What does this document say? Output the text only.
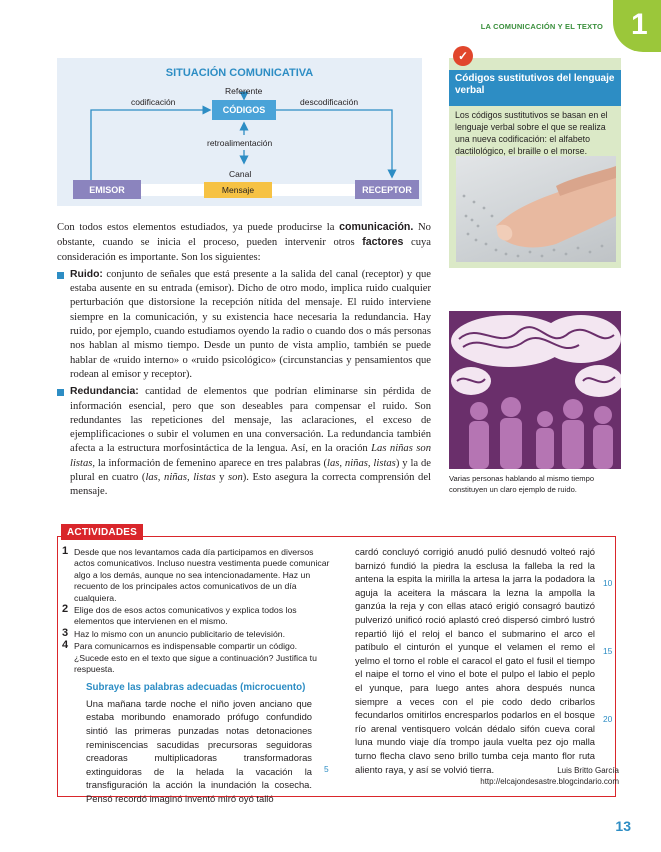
LA COMUNICACIÓN Y EL TEXTO 1
SITUACIÓN COMUNICATIVA
Referente
codificación
CÓDIGOS
descodificación
retroalimentación
Canal
EMISOR	Mensaje	RECEPTOR

Con todos estos elementos estudiados, ya puede producirse la comunicación. No obstante, cuando se inicia el proceso, pueden intervenir otros factores cuya consideración es importante. Son los siguientes:

Ruido: conjunto de señales que está presente a la salida del canal (receptor) y que estaba ausente en su entrada (emisor). Dicho de otro modo, implica ruido cualquier perturbación que distorsione la recepción nítida del mensaje. El ruido interviene siempre en la comunicación, y su existencia hace necesaria la redundancia. Hay ruido, por ejemplo, cuando estudiamos oyendo la radio o cuando dos o más personas nos hablan al mismo tiempo. Desde un punto de vista amplio, también se puede hablar de «ruido interno» o «ruido psicológico» (circunstancias y pensamientos que rodean al emisor y receptor).
Redundancia: cantidad de elementos que podrían eliminarse sin pérdida de información esencial, pero que son deseables para compensar el ruido. Son redundantes las repeticiones del mensaje, las aclaraciones, el exceso de ejemplificaciones o subir el volumen en una conversación. La redundancia también afecta a la estructura morfosintáctica de la lengua. Así, en la oración Las niñas son listas, la información de femenino aparece en tres palabras (las, niñas, listas) y la de plural en cuatro (las, niñas, listas y son). Esto asegura la correcta comprensión del mensaje.
Códigos sustitutivos del lenguaje verbal
Los códigos sustitutivos se basan en el lenguaje verbal sobre el que se realiza una nueva codificación: el alfabeto dactilológico, el braille o el morse.
✓
Varias personas hablando al mismo tiempo constituyen un claro ejemplo de ruido.
ACTIVIDADES
1 Desde que nos levantamos cada día participamos en diversos actos comunicativos. Incluso nuestra vestimenta puede comunicar algo a los demás, aunque no sea intencionadamente. Haz un recuento de los principales actos comunicativos de un día cualquiera.
2 Elige dos de esos actos comunicativos y explica todos los elementos que intervienen en el mismo.
3 Haz lo mismo con un anuncio publicitario de televisión.
4 Para comunicarnos es indispensable compartir un código. ¿Sucede esto en el texto que sigue a continuación? Justifica tu respuesta.
Subraye las palabras adecuadas (microcuento)
Una mañana tarde noche el niño joven anciano que estaba moribundo enamorado prófugo confundido sintió las primeras punzadas notas detonaciones reminiscencias sacudidas precursoras seguidoras creadoras multiplicadoras transformadoras extinguidoras de la helada la vacación la transfiguración la acción la inundación la cosecha. Pensó recordó imaginó inventó miró oyó talló
5
cardó concluyó corrigió anudó pulió desnudó volteó rajó barnizó fundió la piedra la esclusa la falleba la red la antena la espita la mirilla la artesa la jarra la podadora la aguja la aceitera la máscara la lezna la ampolla la ganzúa la reja y con ellas atacó erigió consagró bautizó pulverizó unificó roció aplastó creó dispersó cimbró lustró repartió lijó el reloj el banco el submarino el arco el patíbulo el cinturón el yunque el velamen el remo el yelmo el torno el roble el caracol el gato el fusil el tiempo el naipe el torno el vino el bote el pulpo el labio el peplo el yunque, para luego antes ahora después nunca siempre a veces con el pie codo dedo cribarlos fecundarlos omitirlos encresparlos podarlos en el bosque río arenal ventisquero volcán dédalo sifón cueva coral luna mundo viaje día trompo jaula vuelta pez ojo malla turno flecha clavo seno brillo tumba ceja manto flor ruta aliento raya, y así se volvió tierra.
10
15
20
Luis Britto García
http://elcajondesastre.blogcindario.com
13
